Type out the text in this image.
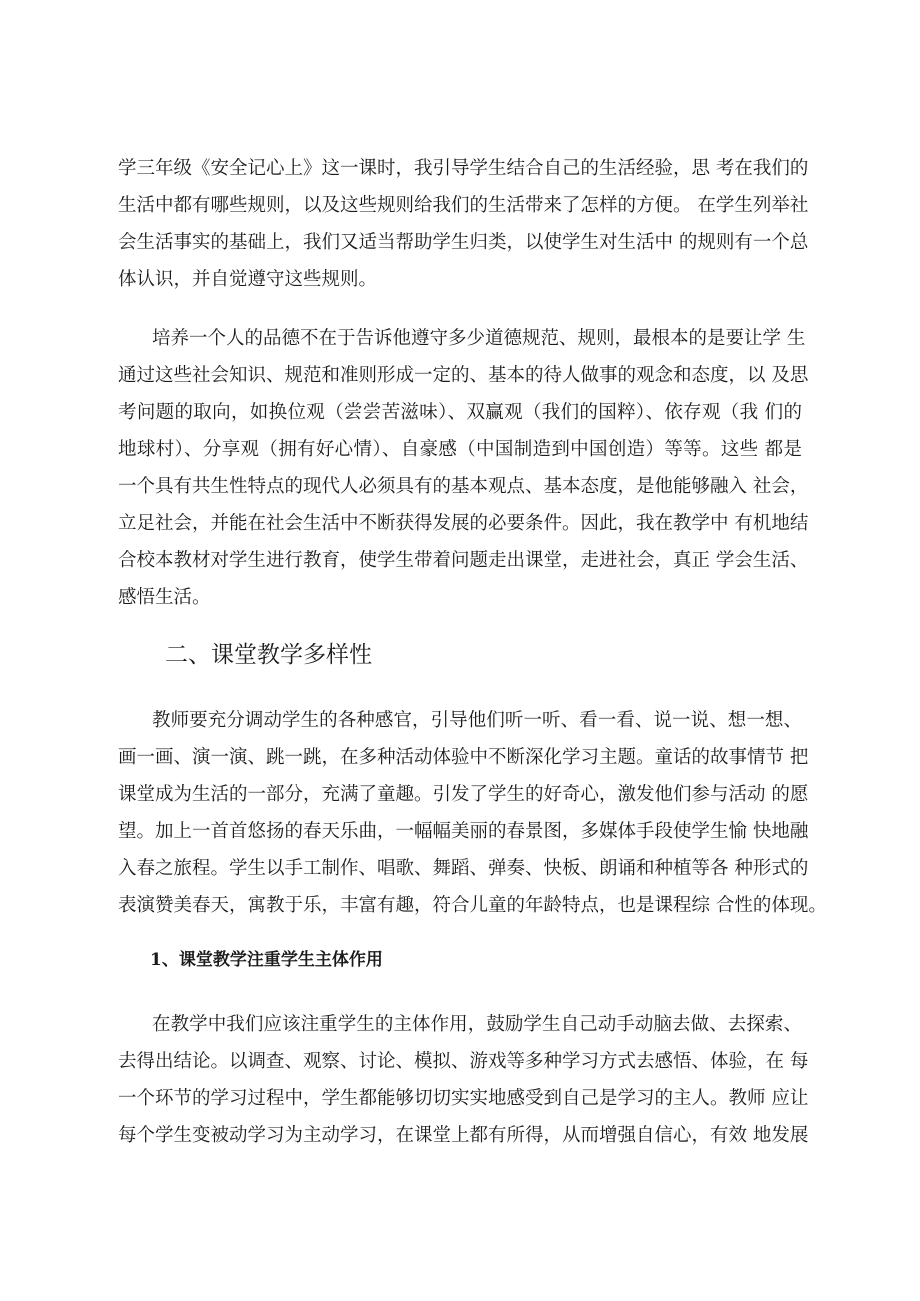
学三年级《安全记心上》这一课时，我引导学生结合自己的生活经验，思 考在我们的
生活中都有哪些规则，以及这些规则给我们的生活带来了怎样的方便。 在学生列举社
会生活事实的基础上，我们又适当帮助学生归类，以使学生对生活中 的规则有一个总
体认识，并自觉遵守这些规则。
培养一个人的品德不在于告诉他遵守多少道德规范、规则，最根本的是要让学 生
通过这些社会知识、规范和准则形成一定的、基本的待人做事的观念和态度，以 及思
考问题的取向，如换位观（尝尝苦滋味）、双赢观（我们的国粹）、依存观（我 们的
地球村）、分享观（拥有好心情）、自豪感（中国制造到中国创造）等等。这些 都是
一个具有共生性特点的现代人必须具有的基本观点、基本态度，是他能够融入 社会，
立足社会，并能在社会生活中不断获得发展的必要条件。因此，我在教学中 有机地结
合校本教材对学生进行教育，使学生带着问题走出课堂，走进社会，真正 学会生活、
感悟生活。
二、课堂教学多样性
教师要充分调动学生的各种感官，引导他们听一听、看一看、说一说、想一想、
画一画、演一演、跳一跳，在多种活动体验中不断深化学习主题。童话的故事情节 把
课堂成为生活的一部分，充满了童趣。引发了学生的好奇心，激发他们参与活动 的愿
望。加上一首首悠扬的春天乐曲，一幅幅美丽的春景图，多媒体手段使学生愉 快地融
入春之旅程。学生以手工制作、唱歌、舞蹈、弹奏、快板、朗诵和种植等各 种形式的
表演赞美春天，寓教于乐，丰富有趣，符合儿童的年龄特点，也是课程综 合性的体现。
1、课堂教学注重学生主体作用
在教学中我们应该注重学生的主体作用，鼓励学生自己动手动脑去做、去探索、
去得出结论。以调查、观察、讨论、模拟、游戏等多种学习方式去感悟、体验，在 每
一个环节的学习过程中，学生都能够切切实实地感受到自己是学习的主人。教师 应让
每个学生变被动学习为主动学习，在课堂上都有所得，从而增强自信心，有效 地发展
